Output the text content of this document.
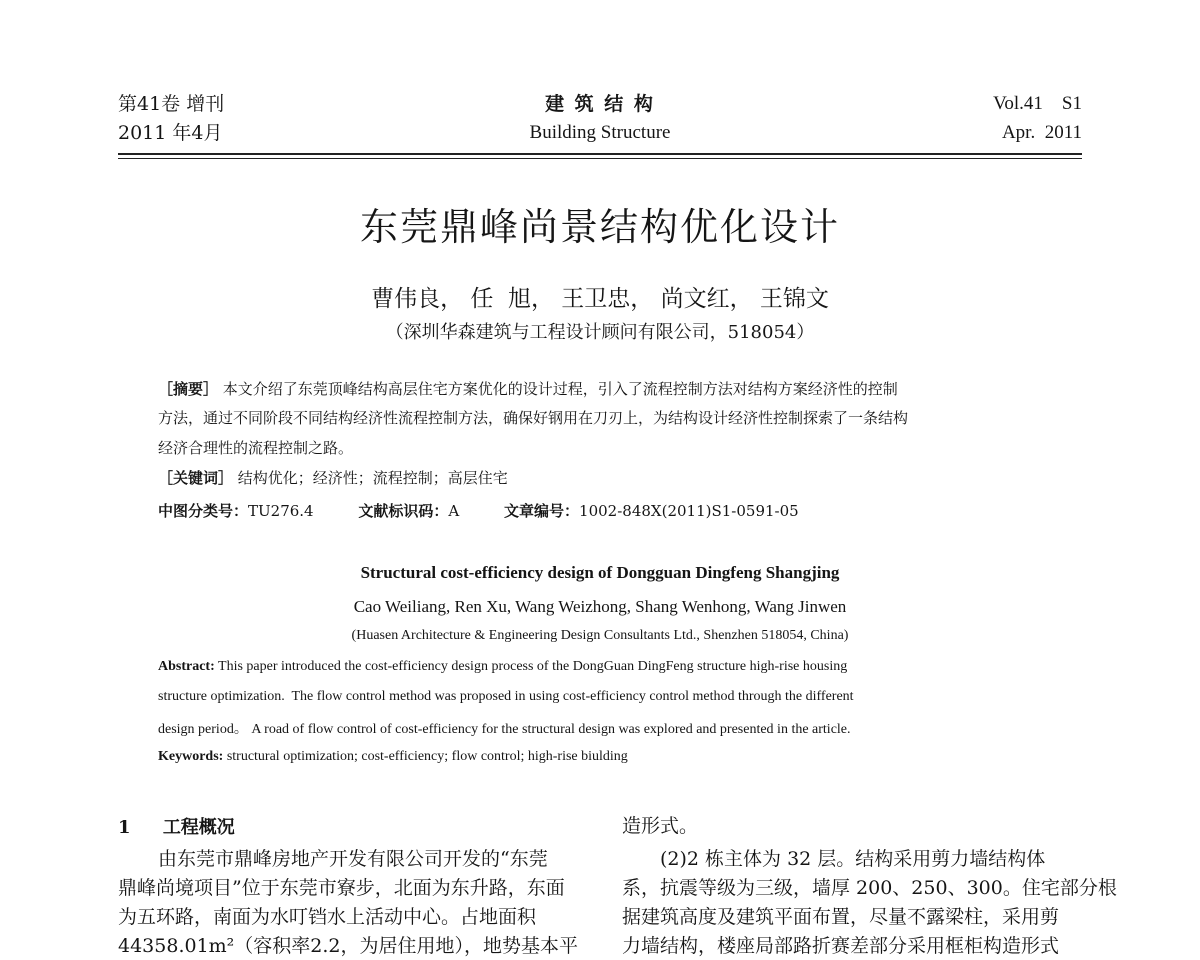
第41卷 增刊
2011 年4月
建 筑 结 构
Building Structure
Vol.41    S1
Apr.  2011
东莞鼎峰尚景结构优化设计
曹伟良， 任  旭， 王卫忠， 尚文红， 王锦文
（深圳华森建筑与工程设计顾问有限公司，518054）
［摘要］ 本文介绍了东莞顶峰结构高层住宅方案优化的设计过程，引入了流程控制方法对结构方案经济性的控制
方法，通过不同阶段不同结构经济性流程控制方法，确保好钢用在刀刃上，为结构设计经济性控制探索了一条结构
经济合理性的流程控制之路。
［关键词］ 结构优化；经济性；流程控制；高层住宅
中图分类号：TU276.4	文献标识码：A	文章编号：1002-848X(2011)S1-0591-05
Structural cost-efficiency design of Dongguan Dingfeng Shangjing
Cao Weiliang, Ren Xu, Wang Weizhong, Shang Wenhong, Wang Jinwen
(Huasen Architecture & Engineering Design Consultants Ltd., Shenzhen 518054, China)
Abstract: This paper introduced the cost-efficiency design process of the DongGuan DingFeng structure high-rise housing
structure optimization.  The flow control method was proposed in using cost-efficiency control method through the different
design period。 A road of flow control of cost-efficiency for the structural design was explored and presented in the article.
Keywords: structural optimization; cost-efficiency; flow control; high-rise biulding
1 工程概况
由东莞市鼎峰房地产开发有限公司开发的“东莞
鼎峰尚境项目”位于东莞市寮步，北面为东升路，东面
为五环路，南面为水叮铛水上活动中心。占地面积
44358.01m²（容积率2.2，为居住用地），地势基本平
造形式。
(2)2 栋主体为 32 层。结构采用剪力墙结构体
系，抗震等级为三级，墙厚 200、250、300。住宅部分根
据建筑高度及建筑平面布置，尽量不露梁柱，采用剪
力墙结构，楼座局部路折赛差部分采用框柜构造形式
